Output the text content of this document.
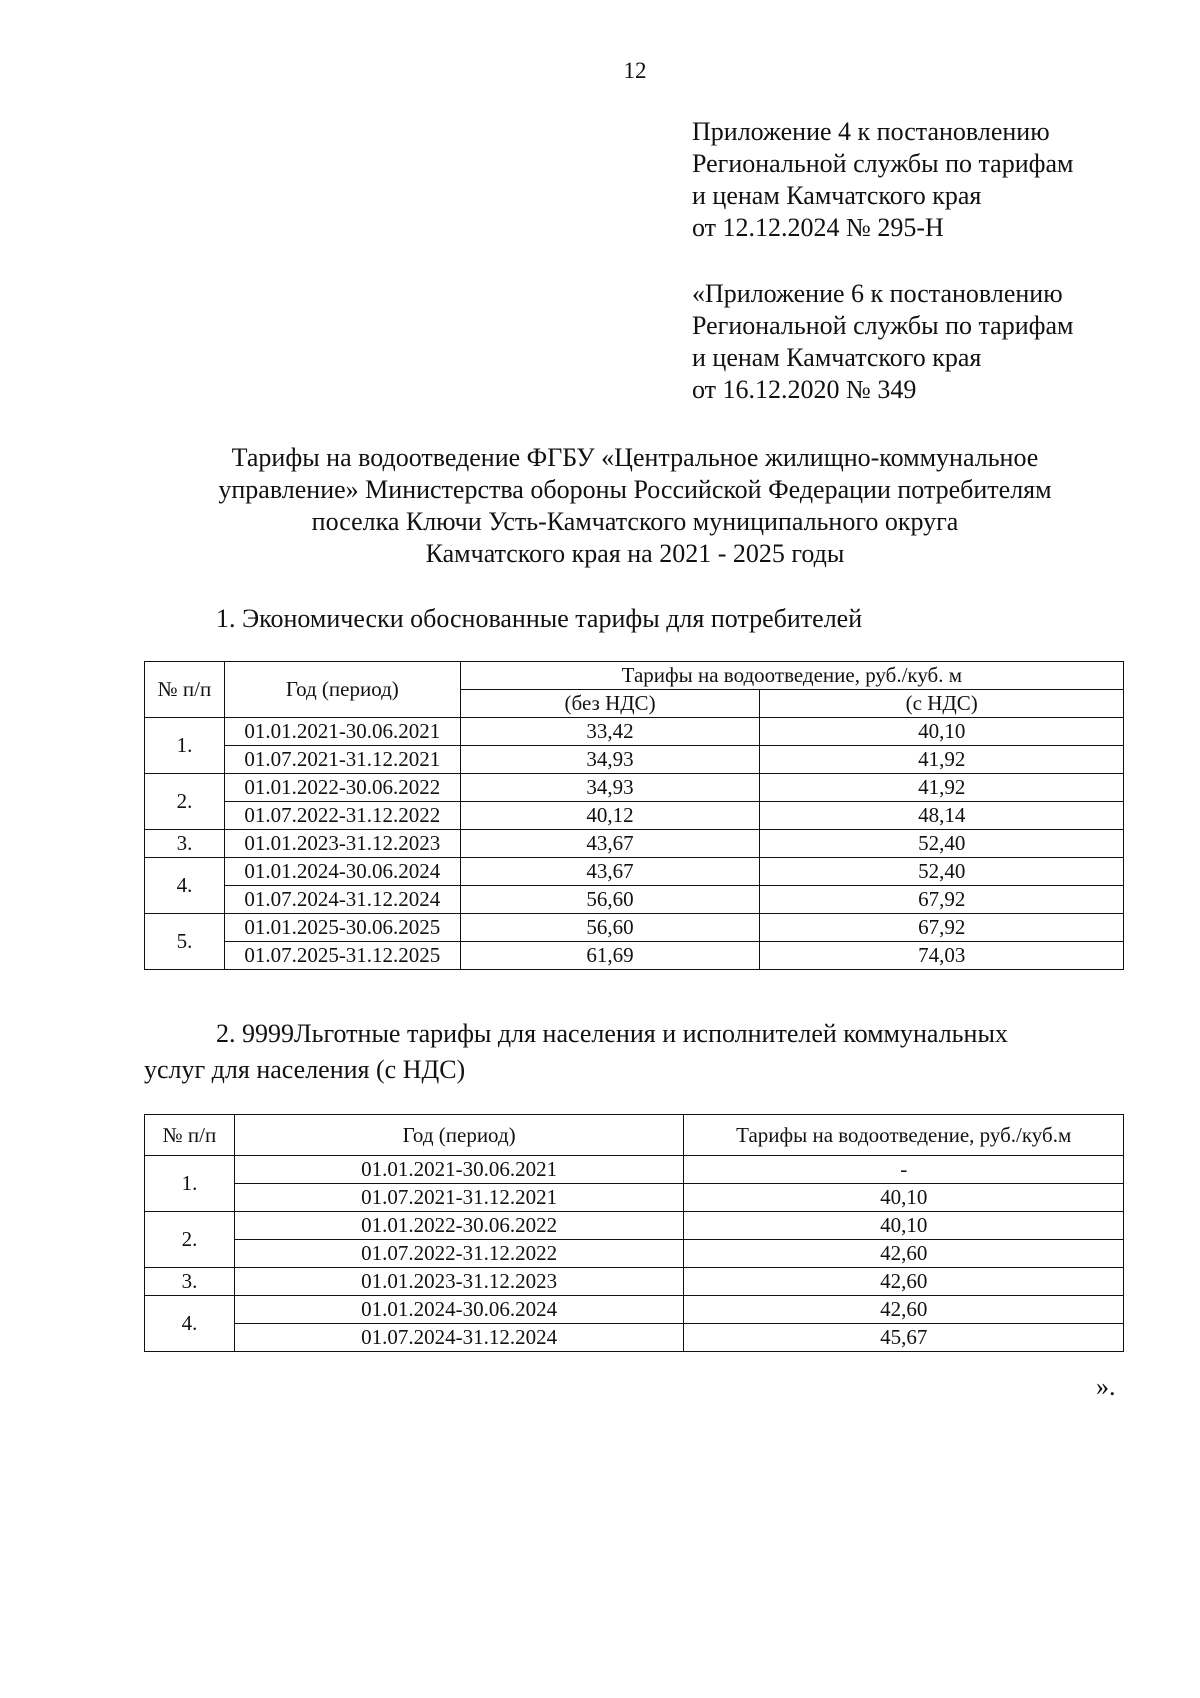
12
Приложение 4 к постановлению
Региональной службы по тарифам
и ценам Камчатского края
от 12.12.2024 № 295-Н
«Приложение 6 к постановлению
Региональной службы по тарифам
и ценам Камчатского края
от 16.12.2020 № 349
Тарифы на водоотведение ФГБУ «Центральное жилищно-коммунальное
управление» Министерства обороны Российской Федерации потребителям
поселка Ключи Усть-Камчатского муниципального округа
Камчатского края на 2021 - 2025 годы
1. Экономически обоснованные тарифы для потребителей
№ п/п	Год (период)	Тарифы на водоотведение, руб./куб. м	
		(без НДС)	(с НДС)
1.	01.01.2021-30.06.2021	33,42	40,10
	01.07.2021-31.12.2021	34,93	41,92
2.	01.01.2022-30.06.2022	34,93	41,92
	01.07.2022-31.12.2022	40,12	48,14
3.	01.01.2023-31.12.2023	43,67	52,40
4.	01.01.2024-30.06.2024	43,67	52,40
	01.07.2024-31.12.2024	56,60	67,92
5.	01.01.2025-30.06.2025	56,60	67,92
	01.07.2025-31.12.2025	61,69	74,03
2. 9999Льготные тарифы для населения и исполнителей коммунальных
услуг для населения (с НДС)
№ п/п	Год (период)	Тарифы на водоотведение, руб./куб.м
1.	01.01.2021-30.06.2021	-
	01.07.2021-31.12.2021	40,10
2.	01.01.2022-30.06.2022	40,10
	01.07.2022-31.12.2022	42,60
3.	01.01.2023-31.12.2023	42,60
4.	01.01.2024-30.06.2024	42,60
	01.07.2024-31.12.2024	45,67
».
